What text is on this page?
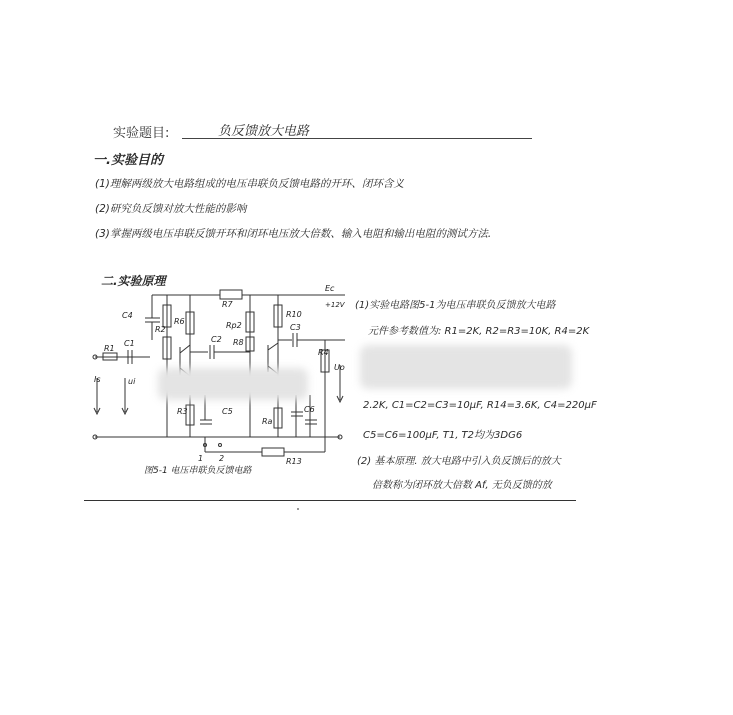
实验题目:	负反馈放大电路
一.实验目的
(1)理解两级放大电路组成的电压串联负反馈电路的开环、闭环含义
(2)研究负反馈对放大性能的影响
(3)掌握两级电压串联反馈开环和闭环电压放大倍数、输入电阻和输出电阻的测试方法.
二.实验原理
Ec
+12V
C4
R1
C1
R2
R6
R7
C2
Rp2
R8
R10
C3
R4
R3	C5
Ra
C6
R13
Is	ui
Uo
1 2
图5-1 电压串联负反馈电路
(1)实验电路图5-1为电压串联负反馈放大电路
元件参考数值为: R1=2K, R2=R3=10K, R4=2K
2.2K, C1=C2=C3=10μF, R14=3.6K, C4=220μF
C5=C6=100μF, T1, T2均为3DG6
(2) 基本原理. 放大电路中引入负反馈后的放大
倍数称为闭环放大倍数 Af, 无负反馈的放
